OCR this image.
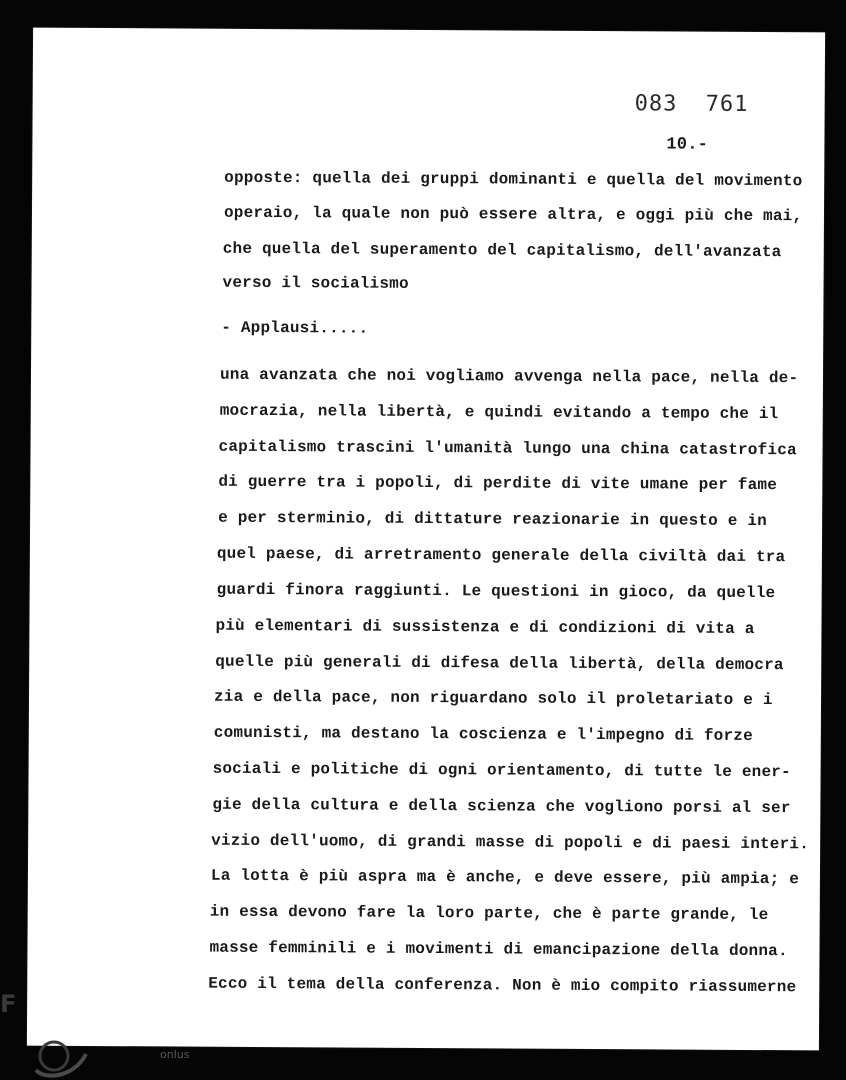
083 761
10.-
opposte: quella dei gruppi dominanti e quella del movimento
operaio, la quale non può essere altra, e oggi più che mai,
che quella del superamento del capitalismo, dell'avanzata
verso il socialismo
- Applausi.....
una avanzata che noi vogliamo avvenga nella pace, nella de-
mocrazia, nella libertà, e quindi evitando a tempo che il
capitalismo trascini l'umanità lungo una china catastrofica
di guerre tra i popoli, di perdite di vite umane per fame
e per sterminio, di dittature reazionarie in questo e in
quel paese, di arretramento generale della civiltà dai tra
guardi finora raggiunti. Le questioni in gioco, da quelle
più elementari di sussistenza e di condizioni di vita a
quelle più generali di difesa della libertà, della democra
zia e della pace, non riguardano solo il proletariato e i
comunisti, ma destano la coscienza e l'impegno di forze
sociali e politiche di ogni orientamento, di tutte le ener-
gie della cultura e della scienza che vogliono porsi al ser
vizio dell'uomo, di grandi masse di popoli e di paesi interi.
La lotta è più aspra ma è anche, e deve essere, più ampia; e
in essa devono fare la loro parte, che è parte grande, le
masse femminili e i movimenti di emancipazione della donna.
Ecco il tema della conferenza. Non è mio compito riassumerne
F
onlus
